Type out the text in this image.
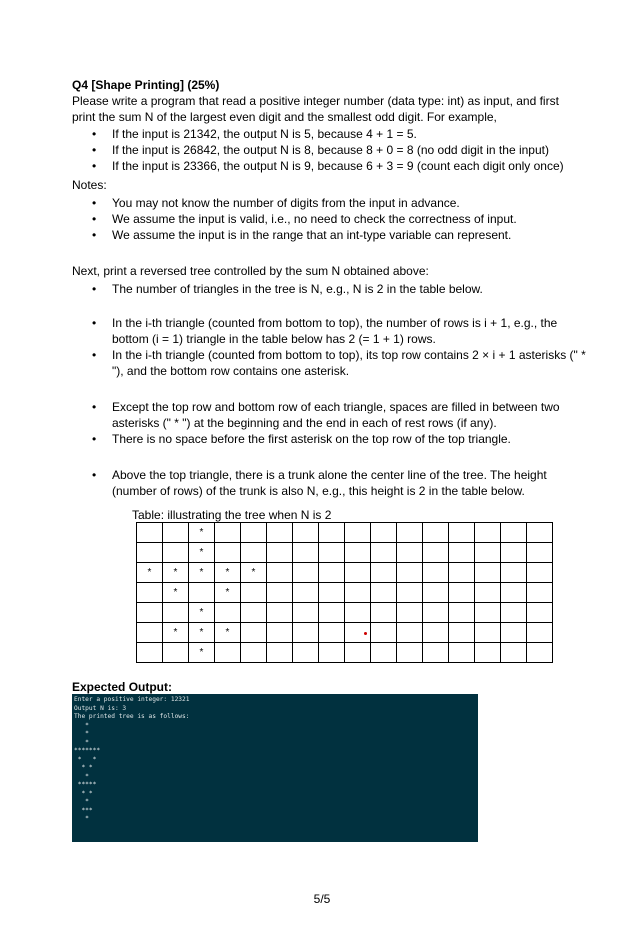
Q4 [Shape Printing] (25%)
Please write a program that read a positive integer number (data type: int) as input, and first
print the sum N of the largest even digit and the smallest odd digit. For example,
• If the input is 21342, the output N is 5, because 4 + 1 = 5.
• If the input is 26842, the output N is 8, because 8 + 0 = 8 (no odd digit in the input)
• If the input is 23366, the output N is 9, because 6 + 3 = 9 (count each digit only once)
Notes:
• You may not know the number of digits from the input in advance.
• We assume the input is valid, i.e., no need to check the correctness of input.
• We assume the input is in the range that an int-type variable can represent.
Next, print a reversed tree controlled by the sum N obtained above:
• The number of triangles in the tree is N, e.g., N is 2 in the table below.
• In the i-th triangle (counted from bottom to top), the number of rows is i + 1, e.g., the bottom (i = 1) triangle in the table below has 2 (= 1 + 1) rows.
• In the i-th triangle (counted from bottom to top), its top row contains 2 × i + 1 asterisks (" * "), and the bottom row contains one asterisk.
• Except the top row and bottom row of each triangle, spaces are filled in between two asterisks (" * ") at the beginning and the end in each of rest rows (if any).
• There is no space before the first asterisk on the top row of the top triangle.
• Above the top triangle, there is a trunk alone the center line of the tree. The height (number of rows) of the trunk is also N, e.g., this height is 2 in the table below.
Table: illustrating the tree when N is 2
		*													
		*													
*	*	*	*	*											
	*		*												
		*													
	*	*	*												
		*													
Expected Output:
Enter a positive integer: 12321
Output N is: 3
The printed tree is as follows:
*
*
*
*******
*   *
* *
*
*****
* *
*
***
*
5/5
